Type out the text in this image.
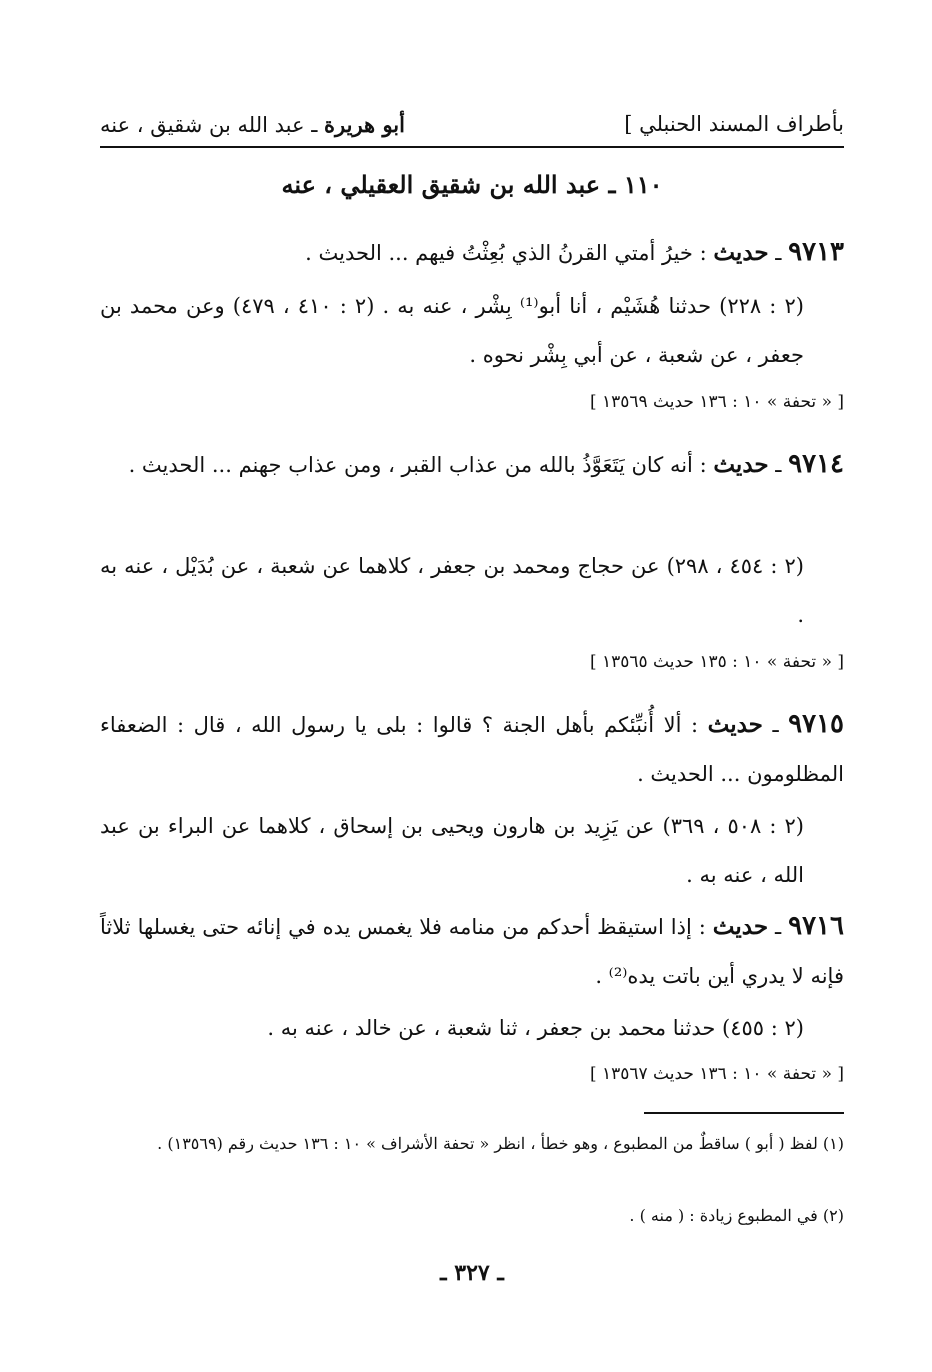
بأطراف المسند الحنبلي ]
أبو هريرة ـ عبد الله بن شقيق ، عنه
١١٠ ـ عبد الله بن شقيق العقيلي ، عنه
٩٧١٣ ـ حديث : خيرُ أمتي القرنُ الذي بُعِثْتُ فيهم ... الحديث .
(٢ : ٢٢٨) حدثنا هُشَيْم ، أنا أبو⁽¹⁾ بِشْر ، عنه به . (٢ : ٤١٠ ، ٤٧٩) وعن محمد بن جعفر ، عن شعبة ، عن أبي بِشْر نحوه .
[ « تحفة » ١٠ : ١٣٦ حديث ١٣٥٦٩ ]
٩٧١٤ ـ حديث : أنه كان يَتَعَوَّذُ بالله من عذاب القبر ، ومن عذاب جهنم ... الحديث .
(٢ : ٤٥٤ ، ٢٩٨) عن حجاج ومحمد بن جعفر ، كلاهما عن شعبة ، عن بُدَيْل ، عنه به .
[ « تحفة » ١٠ : ١٣٥ حديث ١٣٥٦٥ ]
٩٧١٥ ـ حديث : ألا أُنبِّئكم بأهل الجنة ؟ قالوا : بلى يا رسول الله ، قال : الضعفاء المظلومون ... الحديث .
(٢ : ٥٠٨ ، ٣٦٩) عن يَزِيد بن هارون ويحيى بن إسحاق ، كلاهما عن البراء بن عبد الله ، عنه به .
٩٧١٦ ـ حديث : إذا استيقظ أحدكم من منامه فلا يغمس يده في إنائه حتى يغسلها ثلاثاً فإنه لا يدري أين باتت يده⁽²⁾ .
(٢ : ٤٥٥) حدثنا محمد بن جعفر ، ثنا شعبة ، عن خالد ، عنه به .
[ « تحفة » ١٠ : ١٣٦ حديث ١٣٥٦٧ ]
(١) لفظ ( أبو ) ساقطٌ من المطبوع ، وهو خطأ ، انظر « تحفة الأشراف » ١٠ : ١٣٦ حديث رقم (١٣٥٦٩) .
(٢) في المطبوع زيادة : ( منه ) .
ـ ٣٢٧ ـ
